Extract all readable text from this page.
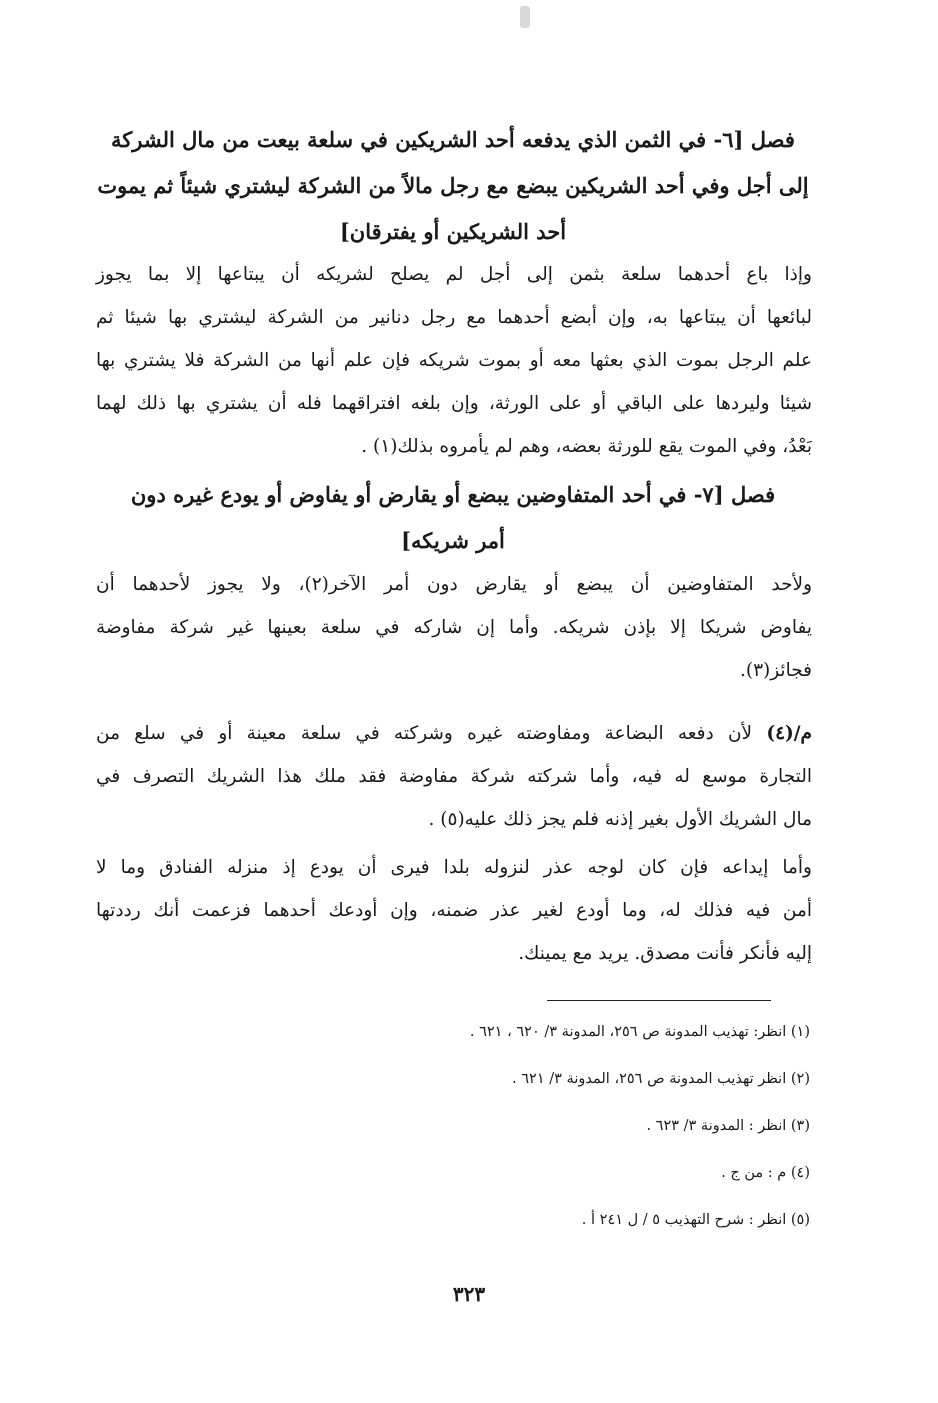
فصل [٦- في الثمن الذي يدفعه أحد الشريكين في سلعة بيعت من مال الشركة
إلى أجل وفي أحد الشريكين يبضع مع رجل مالاً من الشركة ليشتري شيئاً ثم يموت
أحد الشريكين أو يفترقان]
وإذا باع أحدهما سلعة بثمن إلى أجل لم يصلح لشريكه أن يبتاعها إلا بما يجوز
لبائعها أن يبتاعها به، وإن أبضع أحدهما مع رجل دنانير من الشركة ليشتري بها شيئا ثم
علم الرجل بموت الذي بعثها معه أو بموت شريكه فإن علم أنها من الشركة فلا يشتري بها
شيئا وليردها على الباقي أو على الورثة، وإن بلغه افتراقهما فله أن يشتري بها ذلك لهما
بَعْدُ، وفي الموت يقع للورثة بعضه، وهم لم يأمروه بذلك(١) .
فصل [٧- في أحد المتفاوضين يبضع أو يقارض أو يفاوض أو يودع غيره دون
أمر شريكه]
ولأحد المتفاوضين أن يبضع أو يقارض دون أمر الآخر(٢)، ولا يجوز لأحدهما أن
يفاوض شريكا إلا بإذن شريكه. وأما إن شاركه في سلعة بعينها غير شركة مفاوضة
فجائز(٣).
م/(٤) لأن دفعه البضاعة ومفاوضته غيره وشركته في سلعة معينة أو في سلع من
التجارة موسع له فيه، وأما شركته شركة مفاوضة فقد ملك هذا الشريك التصرف في
مال الشريك الأول بغير إذنه فلم يجز ذلك عليه(٥) .
وأما إيداعه فإن كان لوجه عذر لنزوله بلدا فيرى أن يودع إذ منزله الفنادق وما لا
أمن فيه فذلك له، وما أودع لغير عذر ضمنه، وإن أودعك أحدهما فزعمت أنك رددتها
إليه فأنكر فأنت مصدق. يريد مع يمينك.
(١) انظر: تهذيب المدونة ص ٢٥٦، المدونة ٣/ ٦٢٠ ، ٦٢١ .
(٢) انظر تهذيب المدونة ص ٢٥٦، المدونة ٣/ ٦٢١ .
(٣) انظر : المدونة ٣/ ٦٢٣ .
(٤) م : من ج .
(٥) انظر : شرح التهذيب ٥ / ل ٢٤١ أ .
٣٢٣
